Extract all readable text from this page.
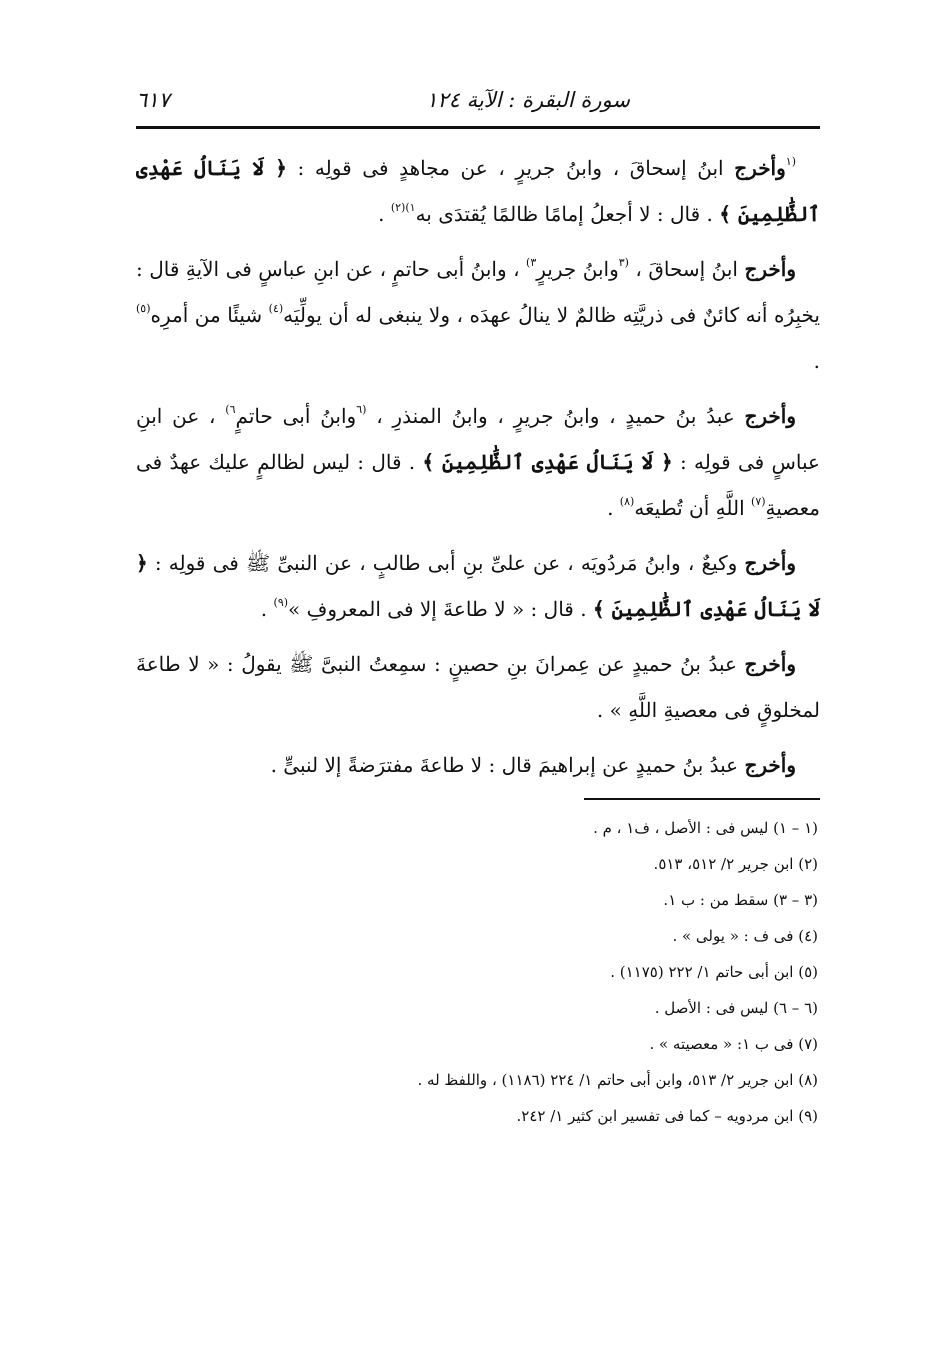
سورة البقرة : الآية ١٢٤
٦١٧

$^{(١}$وأخرج ابنُ إسحاقَ ، وابنُ جريرٍ ، عن مجاهدٍ فى قولِه : ﴿ لَا يَنَالُ عَهْدِى ٱلظَّٰلِمِينَ ﴾ . قال : لا أجعلُ إمامًا ظالمًا يُقتدَى به$^{١)(٢)}$ .

وأخرج ابنُ إسحاقَ ، $^{(٣}$وابنُ جريرٍ$^{٣)}$ ، وابنُ أبى حاتمٍ ، عن ابنِ عباسٍ فى الآيةِ قال : يخبِرُه أنه كائنٌ فى ذريَّتِه ظالمٌ لا ينالُ عهدَه ، ولا ينبغى له أن يولِّيَه$^{(٤)}$ شيئًا من أمرِه$^{(٥)}$ .

وأخرج عبدُ بنُ حميدٍ ، وابنُ جريرٍ ، وابنُ المنذرِ ، $^{(٦}$وابنُ أبى حاتمٍ$^{٦)}$ ، عن ابنِ عباسٍ فى قولِه : ﴿ لَا يَنَالُ عَهْدِى ٱلظَّٰلِمِينَ ﴾ . قال : ليس لظالمٍ عليك عهدٌ فى معصيةِ$^{(٧)}$ اللَّهِ أن تُطيعَه$^{(٨)}$ .

وأخرج وكيعٌ ، وابنُ مَردُويَه ، عن علىِّ بنِ أبى طالبٍ ، عن النبىِّ ﷺ فى قولِه : ﴿ لَا يَنَالُ عَهْدِى ٱلظَّٰلِمِينَ ﴾ . قال : « لا طاعةَ إلا فى المعروفِ »$^{(٩)}$ .

وأخرج عبدُ بنُ حميدٍ عن عِمرانَ بنِ حصينٍ : سمِعتُ النبىَّ ﷺ يقولُ : « لا طاعةَ لمخلوقٍ فى معصيةِ اللَّهِ » .

وأخرج عبدُ بنُ حميدٍ عن إبراهيمَ قال : لا طاعةَ مفترَضةً إلا لنبىٍّ .

(١ – ١) ليس فى : الأصل ، ف١ ، م .
(٢) ابن جرير ٢/ ٥١٢، ٥١٣.
(٣ – ٣) سقط من : ب ١.
(٤) فى ف : « يولى » .
(٥) ابن أبى حاتم ١/ ٢٢٢ (١١٧٥) .
(٦ – ٦) ليس فى : الأصل .
(٧) فى ب ١: « معصيته » .
(٨) ابن جرير ٢/ ٥١٣، وابن أبى حاتم ١/ ٢٢٤ (١١٨٦) ، واللفظ له .
(٩) ابن مردويه – كما فى تفسير ابن كثير ١/ ٢٤٢.
